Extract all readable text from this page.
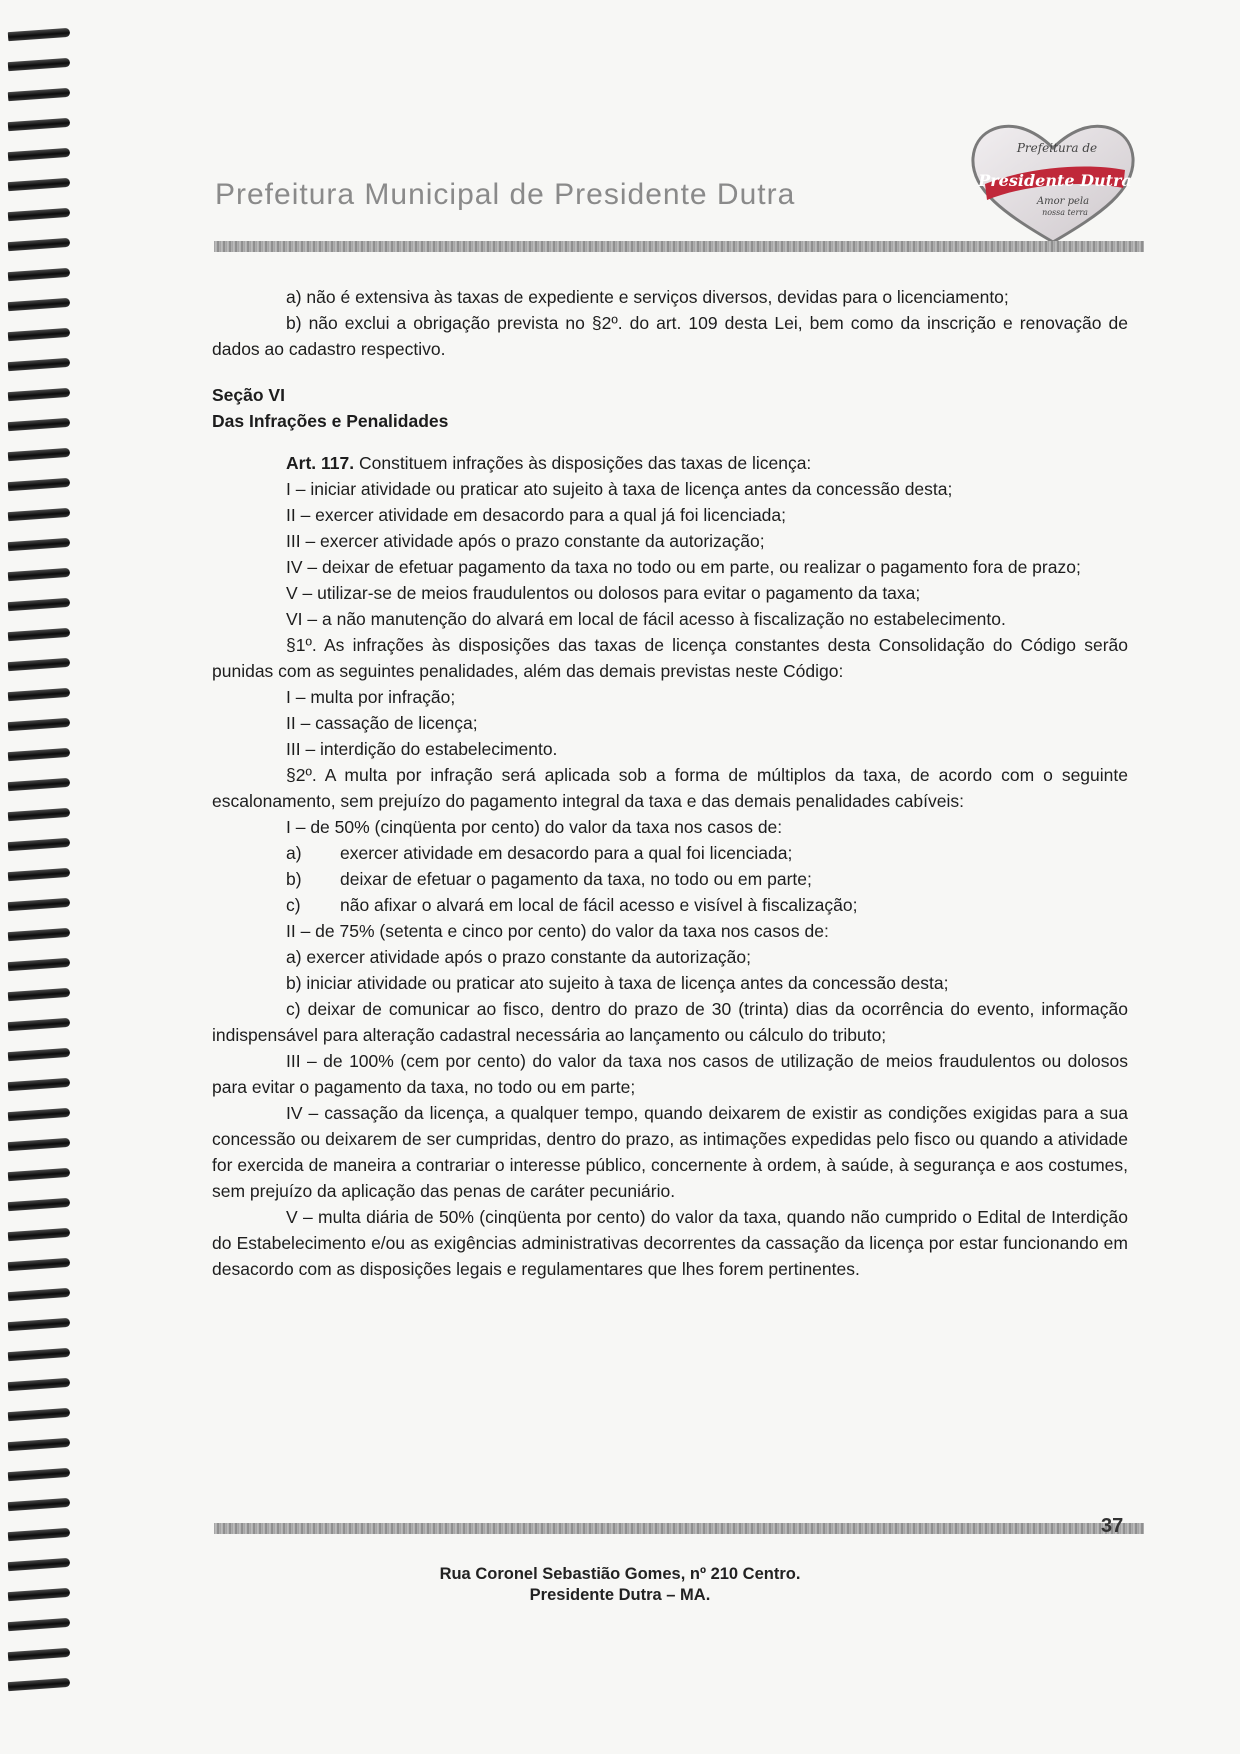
Prefeitura Municipal de Presidente Dutra
Prefeitura de
Presidente Dutra
Amor pela
nossa terra

a) não é extensiva às taxas de expediente e serviços diversos, devidas para o licenciamento;

b) não exclui a obrigação prevista no §2º. do art. 109 desta Lei, bem como da inscrição e renovação de dados ao cadastro respectivo.

Seção VI

Das Infrações e Penalidades

Art. 117. Constituem infrações às disposições das taxas de licença:

I – iniciar atividade ou praticar ato sujeito à taxa de licença antes da concessão desta;

II – exercer atividade em desacordo para a qual já foi licenciada;

III – exercer atividade após o prazo constante da autorização;

IV – deixar de efetuar pagamento da taxa no todo ou em parte, ou realizar o pagamento fora de prazo;

V – utilizar-se de meios fraudulentos ou dolosos para evitar o pagamento da taxa;

VI – a não manutenção do alvará em local de fácil acesso à fiscalização no estabelecimento.

§1º. As infrações às disposições das taxas de licença constantes desta Consolidação do Código serão punidas com as seguintes penalidades, além das demais previstas neste Código:

I – multa por infração;

II – cassação de licença;

III – interdição do estabelecimento.

§2º. A multa por infração será aplicada sob a forma de múltiplos da taxa, de acordo com o seguinte escalonamento, sem prejuízo do pagamento integral da taxa e das demais penalidades cabíveis:

I – de 50% (cinqüenta por cento) do valor da taxa nos casos de:

a)	exercer atividade em desacordo para a qual foi licenciada;
b)	deixar de efetuar o pagamento da taxa, no todo ou em parte;
c)	não afixar o alvará em local de fácil acesso e visível à fiscalização;

II – de 75% (setenta e cinco por cento) do valor da taxa nos casos de:

a) exercer atividade após o prazo constante da autorização;

b) iniciar atividade ou praticar ato sujeito à taxa de licença antes da concessão desta;

c) deixar de comunicar ao fisco, dentro do prazo de 30 (trinta) dias da ocorrência do evento, informação indispensável para alteração cadastral necessária ao lançamento ou cálculo do tributo;

III – de 100% (cem por cento) do valor da taxa nos casos de utilização de meios fraudulentos ou dolosos para evitar o pagamento da taxa, no todo ou em parte;

IV – cassação da licença, a qualquer tempo, quando deixarem de existir as condições exigidas para a sua concessão ou deixarem de ser cumpridas, dentro do prazo, as intimações expedidas pelo fisco ou quando a atividade for exercida de maneira a contrariar o interesse público, concernente à ordem, à saúde, à segurança e aos costumes, sem prejuízo da aplicação das penas de caráter pecuniário.

V – multa diária de 50% (cinqüenta por cento) do valor da taxa, quando não cumprido o Edital de Interdição do Estabelecimento e/ou as exigências administrativas decorrentes da cassação da licença por estar funcionando em desacordo com as disposições legais e regulamentares que lhes forem pertinentes.

37
Rua Coronel Sebastião Gomes, nº 210 Centro.
Presidente Dutra – MA.
